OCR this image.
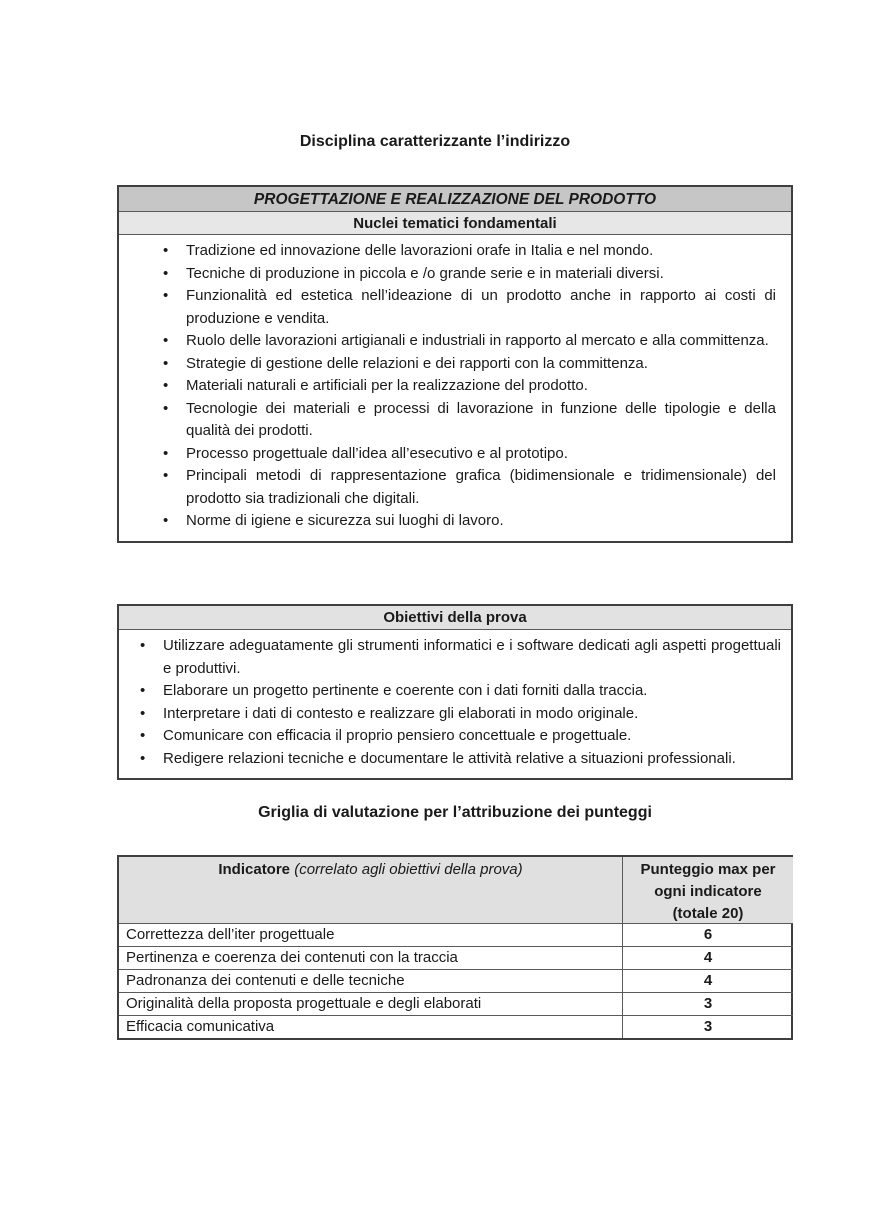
Disciplina caratterizzante l’indirizzo
PROGETTAZIONE E REALIZZAZIONE DEL PRODOTTO
Nuclei tematici fondamentali
•	Tradizione ed innovazione delle lavorazioni orafe in Italia e nel mondo.
•	Tecniche di produzione in piccola e /o grande serie e in materiali diversi.
•	Funzionalità ed estetica nell’ideazione di un prodotto anche in rapporto ai costi di produzione e vendita.
•	Ruolo delle lavorazioni artigianali e industriali in rapporto al mercato e alla committenza.
•	Strategie di gestione delle relazioni e dei rapporti con la committenza.
•	Materiali naturali e artificiali per la realizzazione del prodotto.
•	Tecnologie dei materiali e processi di lavorazione in funzione delle tipologie e della qualità dei prodotti.
•	Processo progettuale dall’idea all’esecutivo e al prototipo.
•	Principali metodi di rappresentazione grafica (bidimensionale e tridimensionale) del prodotto sia tradizionali che digitali.
•	Norme di igiene e sicurezza sui luoghi di lavoro.
Obiettivi della prova
•	Utilizzare adeguatamente gli strumenti informatici e i software dedicati agli aspetti progettuali e produttivi.
•	Elaborare un progetto pertinente e coerente con i dati forniti dalla traccia.
•	Interpretare i dati di contesto e realizzare gli elaborati in modo originale.
•	Comunicare con efficacia il proprio pensiero concettuale e progettuale.
•	Redigere relazioni tecniche e documentare le attività relative a situazioni professionali.
Griglia di valutazione per l’attribuzione dei punteggi
Indicatore (correlato agli obiettivi della prova)	Punteggio max per ogni indicatore (totale 20)
Correttezza dell’iter progettuale	6
Pertinenza e coerenza dei contenuti con la traccia	4
Padronanza dei contenuti e delle tecniche	4
Originalità della proposta progettuale e degli elaborati	3
Efficacia comunicativa	3
